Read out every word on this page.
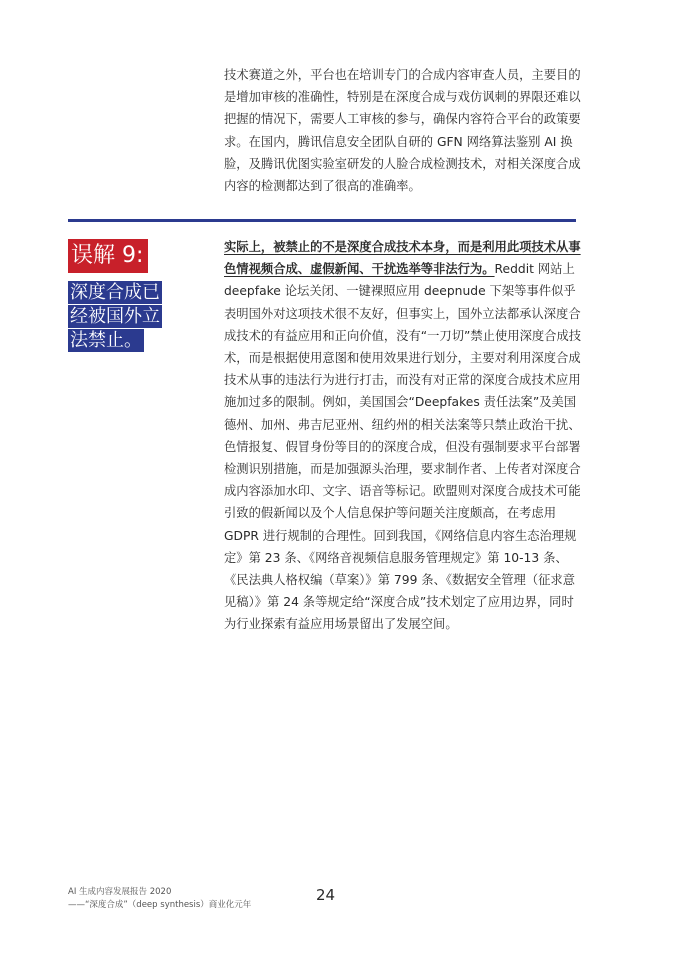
技术赛道之外，平台也在培训专门的合成内容审查人员，主要目的是增加审核的准确性，特别是在深度合成与戏仿讽刺的界限还难以把握的情况下，需要人工审核的参与，确保内容符合平台的政策要求。在国内，腾讯信息安全团队自研的 GFN 网络算法鉴别 AI 换脸，及腾讯优图实验室研发的人脸合成检测技术，对相关深度合成内容的检测都达到了很高的准确率。

误解 9:
深度合成已经被国外立法禁止。

实际上，被禁止的不是深度合成技术本身，而是利用此项技术从事色情视频合成、虚假新闻、干扰选举等非法行为。Reddit 网站上 deepfake 论坛关闭、一键裸照应用 deepnude 下架等事件似乎表明国外对这项技术很不友好，但事实上，国外立法都承认深度合成技术的有益应用和正向价值，没有“一刀切”禁止使用深度合成技术，而是根据使用意图和使用效果进行划分，主要对利用深度合成技术从事的违法行为进行打击，而没有对正常的深度合成技术应用施加过多的限制。例如，美国国会“Deepfakes 责任法案”及美国德州、加州、弗吉尼亚州、纽约州的相关法案等只禁止政治干扰、色情报复、假冒身份等目的的深度合成，但没有强制要求平台部署检测识别措施，而是加强源头治理，要求制作者、上传者对深度合成内容添加水印、文字、语音等标记。欧盟则对深度合成技术可能引致的假新闻以及个人信息保护等问题关注度颇高，在考虑用 GDPR 进行规制的合理性。回到我国，《网络信息内容生态治理规定》第 23 条、《网络音视频信息服务管理规定》第 10-13 条、《民法典人格权编（草案）》第 799 条、《数据安全管理（征求意见稿）》第 24 条等规定给“深度合成”技术划定了应用边界，同时为行业探索有益应用场景留出了发展空间。

AI 生成内容发展报告 2020
——“深度合成”（deep synthesis）商业化元年
24
